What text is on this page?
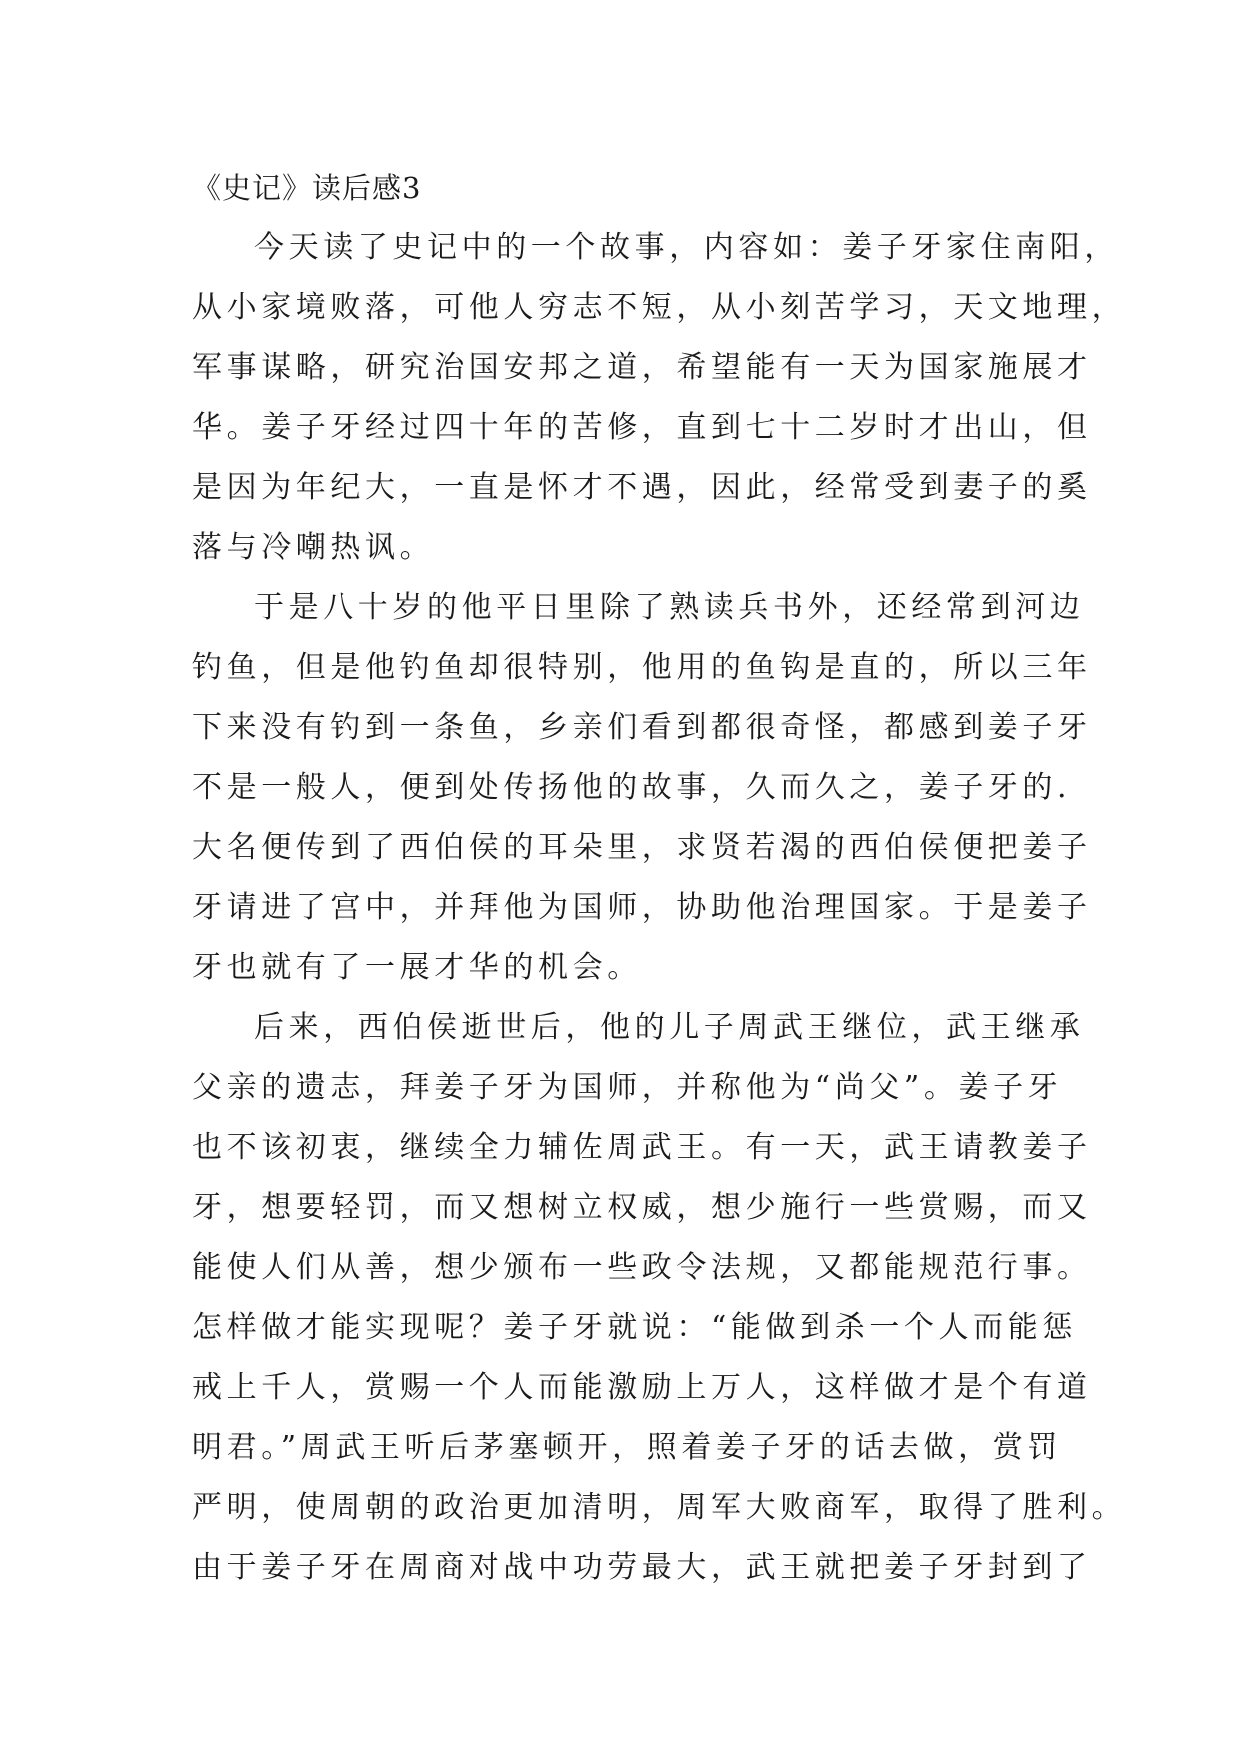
《史记》读后感3
今天读了史记中的一个故事，内容如：姜子牙家住南阳，
从小家境败落，可他人穷志不短，从小刻苦学习，天文地理，
军事谋略，研究治国安邦之道，希望能有一天为国家施展才
华。姜子牙经过四十年的苦修，直到七十二岁时才出山，但
是因为年纪大，一直是怀才不遇，因此，经常受到妻子的奚
落与冷嘲热讽。
于是八十岁的他平日里除了熟读兵书外，还经常到河边
钓鱼，但是他钓鱼却很特别，他用的鱼钩是直的，所以三年
下来没有钓到一条鱼，乡亲们看到都很奇怪，都感到姜子牙
不是一般人，便到处传扬他的故事，久而久之，姜子牙的.
大名便传到了西伯侯的耳朵里，求贤若渴的西伯侯便把姜子
牙请进了宫中，并拜他为国师，协助他治理国家。于是姜子
牙也就有了一展才华的机会。
后来，西伯侯逝世后，他的儿子周武王继位，武王继承
父亲的遗志，拜姜子牙为国师，并称他为“尚父”。姜子牙
也不该初衷，继续全力辅佐周武王。有一天，武王请教姜子
牙，想要轻罚，而又想树立权威，想少施行一些赏赐，而又
能使人们从善，想少颁布一些政令法规，又都能规范行事。
怎样做才能实现呢？姜子牙就说：“能做到杀一个人而能惩
戒上千人，赏赐一个人而能激励上万人，这样做才是个有道
明君。”周武王听后茅塞顿开，照着姜子牙的话去做，赏罚
严明，使周朝的政治更加清明，周军大败商军，取得了胜利。
由于姜子牙在周商对战中功劳最大，武王就把姜子牙封到了
